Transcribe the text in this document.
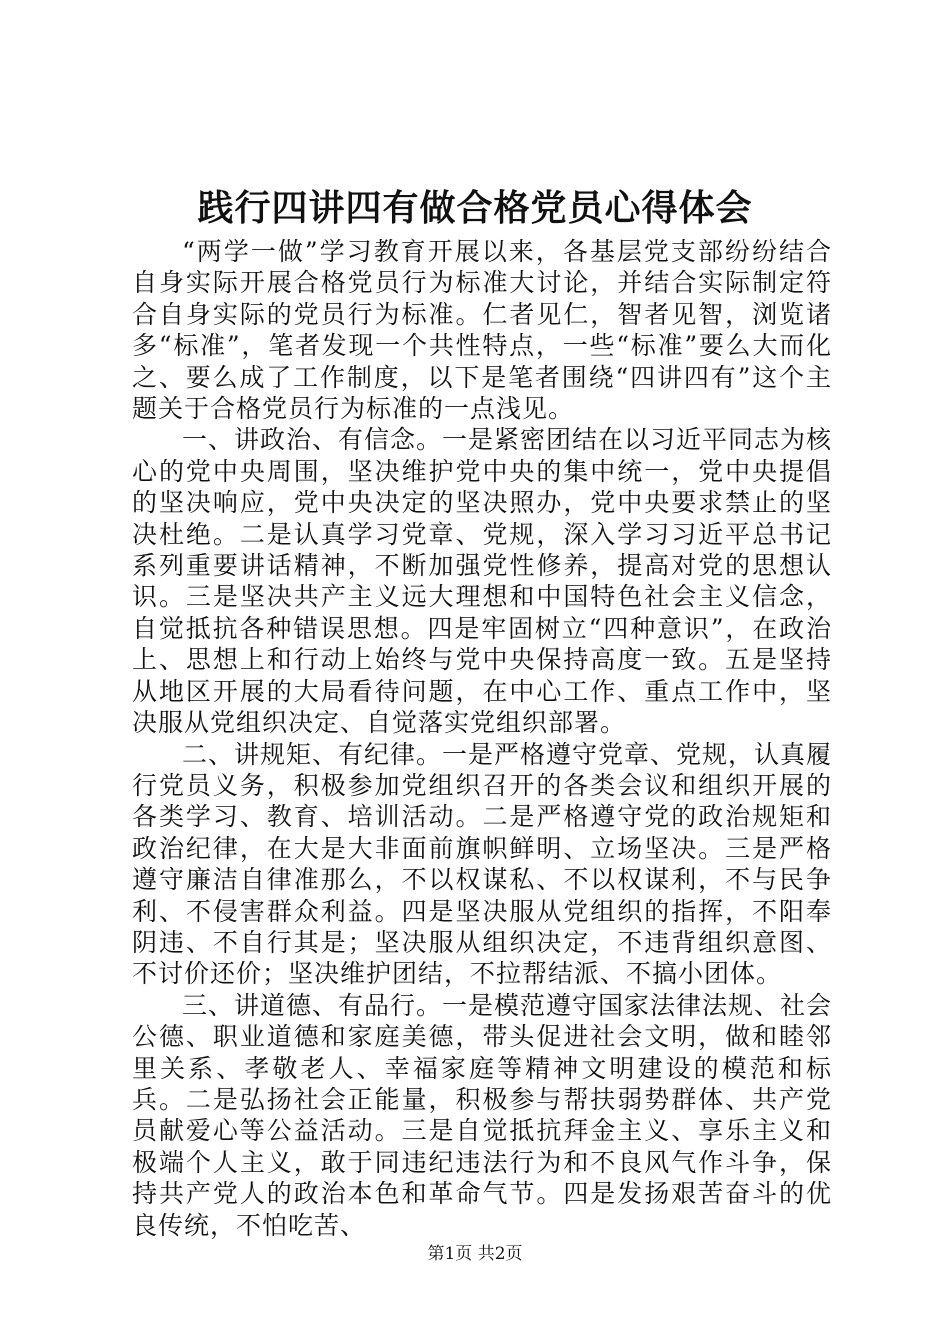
践行四讲四有做合格党员心得体会

“两学一做”学习教育开展以来，各基层党支部纷纷结合自身实际开展合格党员行为标准大讨论，并结合实际制定符合自身实际的党员行为标准。仁者见仁，智者见智，浏览诸多“标准”，笔者发现一个共性特点，一些“标准”要么大而化之、要么成了工作制度，以下是笔者围绕“四讲四有”这个主题关于合格党员行为标准的一点浅见。

一、讲政治、有信念。一是紧密团结在以习近平同志为核心的党中央周围，坚决维护党中央的集中统一，党中央提倡的坚决响应，党中央决定的坚决照办，党中央要求禁止的坚决杜绝。二是认真学习党章、党规，深入学习习近平总书记系列重要讲话精神，不断加强党性修养，提高对党的思想认识。三是坚决共产主义远大理想和中国特色社会主义信念，自觉抵抗各种错误思想。四是牢固树立“四种意识”，在政治上、思想上和行动上始终与党中央保持高度一致。五是坚持从地区开展的大局看待问题，在中心工作、重点工作中，坚决服从党组织决定、自觉落实党组织部署。

二、讲规矩、有纪律。一是严格遵守党章、党规，认真履行党员义务，积极参加党组织召开的各类会议和组织开展的各类学习、教育、培训活动。二是严格遵守党的政治规矩和政治纪律，在大是大非面前旗帜鲜明、立场坚决。三是严格遵守廉洁自律准那么，不以权谋私、不以权谋利，不与民争利、不侵害群众利益。四是坚决服从党组织的指挥，不阳奉阴违、不自行其是；坚决服从组织决定，不违背组织意图、不讨价还价；坚决维护团结，不拉帮结派、不搞小团体。

三、讲道德、有品行。一是模范遵守国家法律法规、社会公德、职业道德和家庭美德，带头促进社会文明，做和睦邻里关系、孝敬老人、幸福家庭等精神文明建设的模范和标兵。二是弘扬社会正能量，积极参与帮扶弱势群体、共产党员献爱心等公益活动。三是自觉抵抗拜金主义、享乐主义和极端个人主义，敢于同违纪违法行为和不良风气作斗争，保持共产党人的政治本色和革命气节。四是发扬艰苦奋斗的优良传统，不怕吃苦、

第1页 共2页
